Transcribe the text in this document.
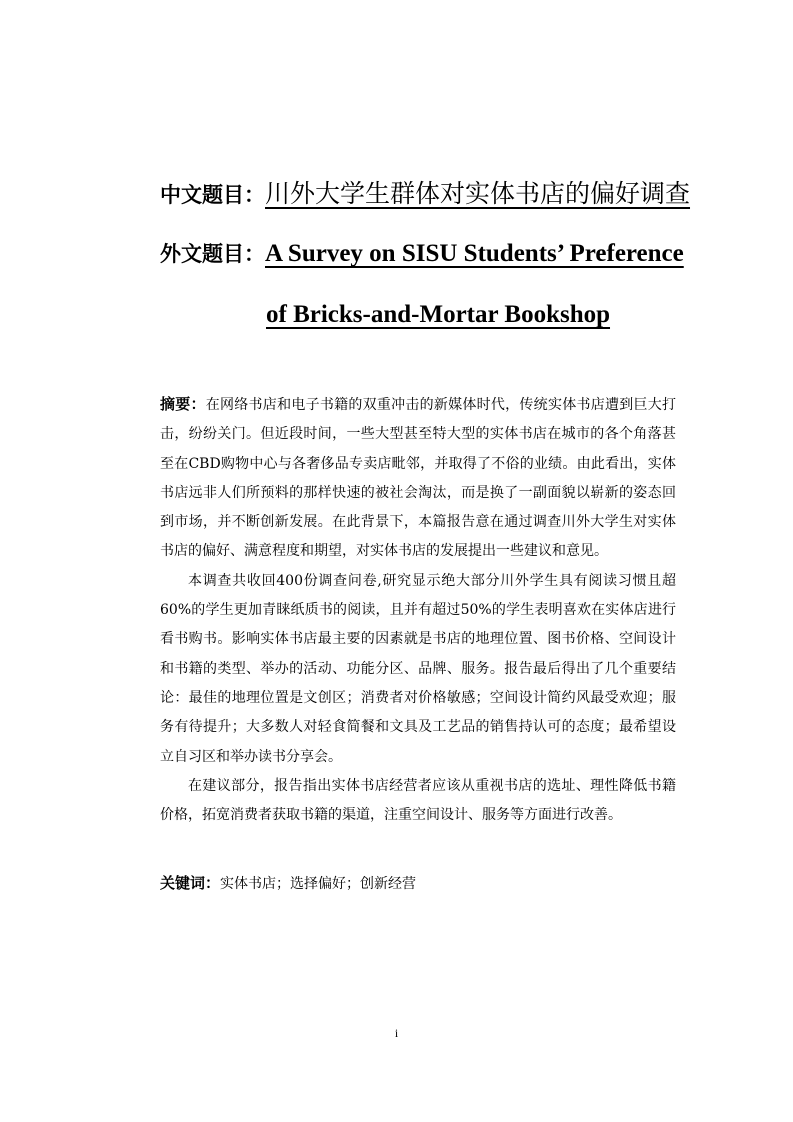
中文题目：川外大学生群体对实体书店的偏好调查
外文题目：A Survey on SISU Students’ Preference
of Bricks-and-Mortar Bookshop

摘要：在网络书店和电子书籍的双重冲击的新媒体时代，传统实体书店遭到巨大打击，纷纷关门。但近段时间，一些大型甚至特大型的实体书店在城市的各个角落甚至在CBD购物中心与各奢侈品专卖店毗邻，并取得了不俗的业绩。由此看出，实体书店远非人们所预料的那样快速的被社会淘汰，而是换了一副面貌以崭新的姿态回到市场，并不断创新发展。在此背景下，本篇报告意在通过调查川外大学生对实体书店的偏好、满意程度和期望，对实体书店的发展提出一些建议和意见。

本调查共收回400份调查问卷,研究显示绝大部分川外学生具有阅读习惯且超60%的学生更加青睐纸质书的阅读，且并有超过50%的学生表明喜欢在实体店进行看书购书。影响实体书店最主要的因素就是书店的地理位置、图书价格、空间设计和书籍的类型、举办的活动、功能分区、品牌、服务。报告最后得出了几个重要结论：最佳的地理位置是文创区；消费者对价格敏感；空间设计简约风最受欢迎；服务有待提升；大多数人对轻食简餐和文具及工艺品的销售持认可的态度；最希望设立自习区和举办读书分享会。

在建议部分，报告指出实体书店经营者应该从重视书店的选址、理性降低书籍价格，拓宽消费者获取书籍的渠道，注重空间设计、服务等方面进行改善。

关键词：实体书店；选择偏好；创新经营
i
